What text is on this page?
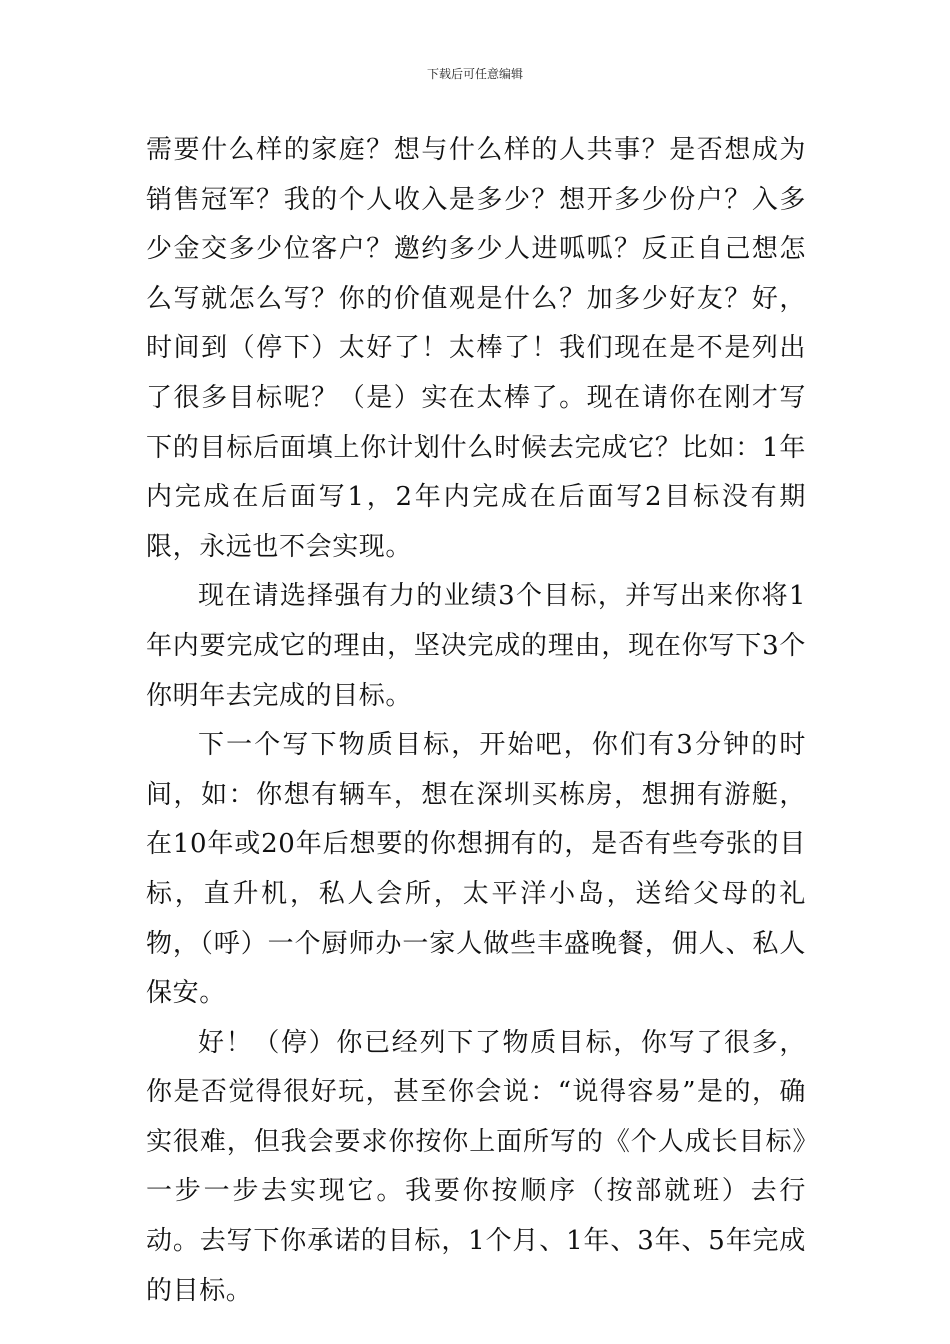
下载后可任意编辑

需要什么样的家庭？想与什么样的人共事？是否想成为销售冠军？我的个人收入是多少？想开多少份户？入多少金交多少位客户？邀约多少人进呱呱？反正自己想怎么写就怎么写？你的价值观是什么？加多少好友？好，时间到（停下）太好了！太棒了！我们现在是不是列出了很多目标呢？（是）实在太棒了。现在请你在刚才写下的目标后面填上你计划什么时候去完成它？比如：1年内完成在后面写1，2年内完成在后面写2目标没有期限，永远也不会实现。

现在请选择强有力的业绩3个目标，并写出来你将1年内要完成它的理由，坚决完成的理由，现在你写下3个你明年去完成的目标。

下一个写下物质目标，开始吧，你们有3分钟的时间，如：你想有辆车，想在深圳买栋房，想拥有游艇，在10年或20年后想要的你想拥有的，是否有些夸张的目标，直升机，私人会所，太平洋小岛，送给父母的礼物，（呼）一个厨师办一家人做些丰盛晚餐，佣人、私人保安。

好！（停）你已经列下了物质目标，你写了很多，你是否觉得很好玩，甚至你会说：“说得容易”是的，确实很难，但我会要求你按你上面所写的《个人成长目标》一步一步去实现它。我要你按顺序（按部就班）去行动。去写下你承诺的目标，1个月、1年、3年、5年完成的目标。
